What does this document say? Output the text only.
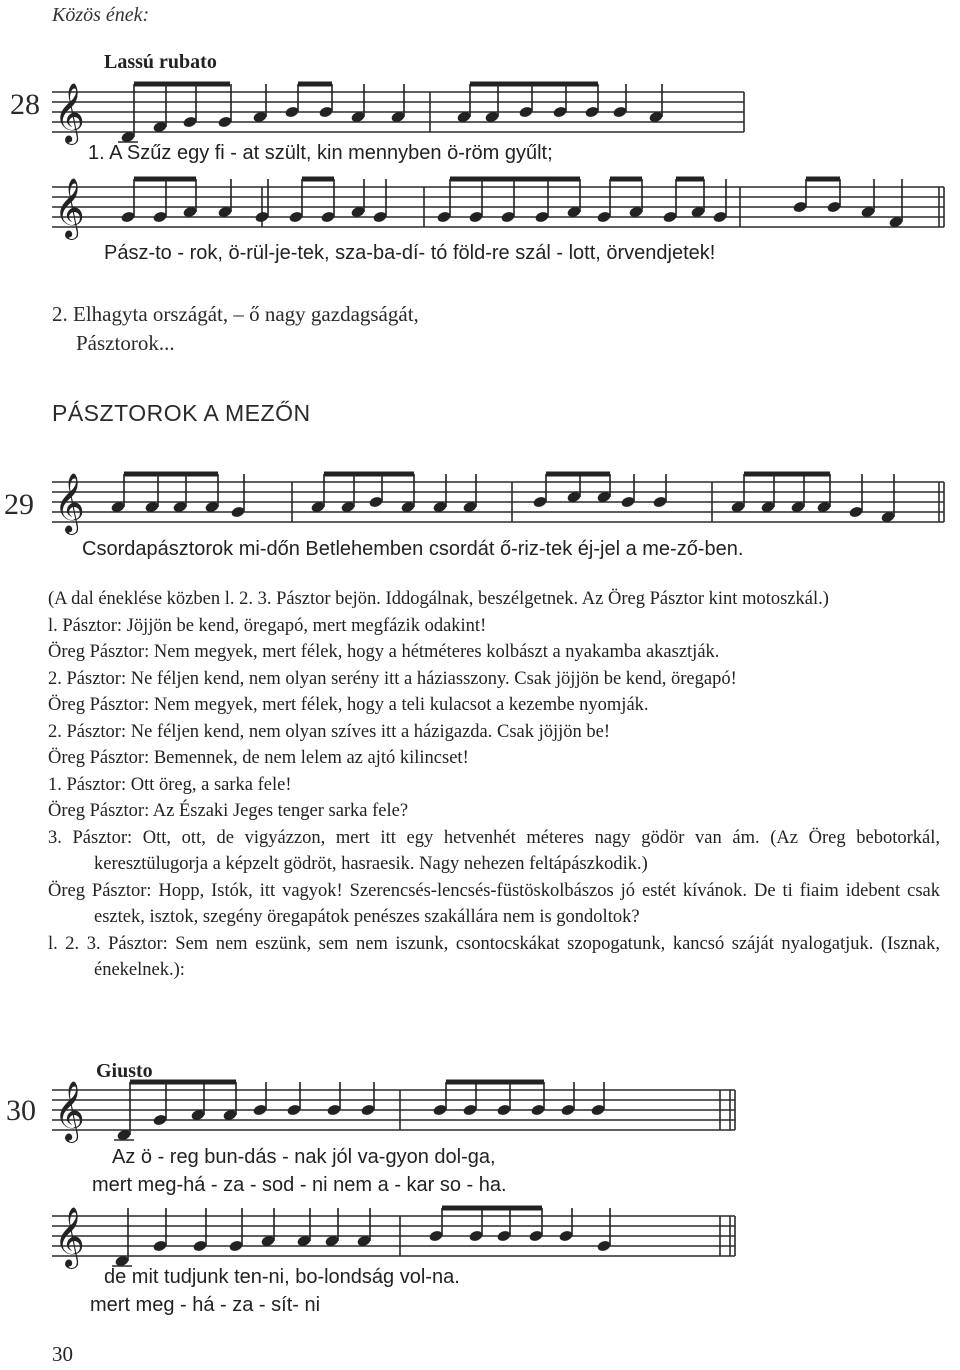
Közös ének:
28
Lassú rubato
𝄞
1. A Szűz egy fi - at szült, kin mennyben ö-röm gyűlt;
𝄞
Pász-to - rok, ö-rül-je-tek, sza-ba-dí- tó föld-re szál - lott, örvendjetek!
2. Elhagyta országát, – ő nagy gazdagságát,
Pásztorok...
PÁSZTOROK A MEZŐN
𝄞
29
Csordapásztorok mi-dőn Betlehemben csordát ő-riz-tek éj-jel a me-ző-ben.

(A dal éneklése közben l. 2. 3. Pásztor bejön. Iddogálnak, beszélgetnek. Az Öreg Pásztor kint motoszkál.)

l. Pásztor: Jöjjön be kend, öregapó, mert megfázik odakint!

Öreg Pásztor: Nem megyek, mert félek, hogy a hétméteres kolbászt a nyakamba akasztják.

2. Pásztor: Ne féljen kend, nem olyan serény itt a háziasszony. Csak jöjjön be kend, öregapó!

Öreg Pásztor: Nem megyek, mert félek, hogy a teli kulacsot a kezembe nyomják.

2. Pásztor: Ne féljen kend, nem olyan szíves itt a házigazda. Csak jöjjön be!

Öreg Pásztor: Bemennek, de nem lelem az ajtó kilincset!

1. Pásztor: Ott öreg, a sarka fele!

Öreg Pásztor: Az Északi Jeges tenger sarka fele?

3. Pásztor: Ott, ott, de vigyázzon, mert itt egy hetvenhét méteres nagy gödör van ám. (Az Öreg bebotorkál, keresztülugorja a képzelt gödröt, hasraesik. Nagy nehezen feltápászkodik.)

Öreg Pásztor: Hopp, Istók, itt vagyok! Szerencsés-lencsés-füstöskolbászos jó estét kívánok. De ti fiaim idebent csak esztek, isztok, szegény öregapátok penészes szakállára nem is gondoltok?

l. 2. 3. Pásztor: Sem nem eszünk, sem nem iszunk, csontocskákat szopogatunk, kancsó száját nyalogatjuk. (Isznak, énekelnek.):

Giusto
30 𝄞
Az ö - reg bun-dás - nak jól va-gyon dol-ga,
mert meg-há - za - sod - ni nem a - kar so - ha.
𝄞
de mit tudjunk ten-ni, bo-londság vol-na.
mert meg - há - za - sít- ni
30
